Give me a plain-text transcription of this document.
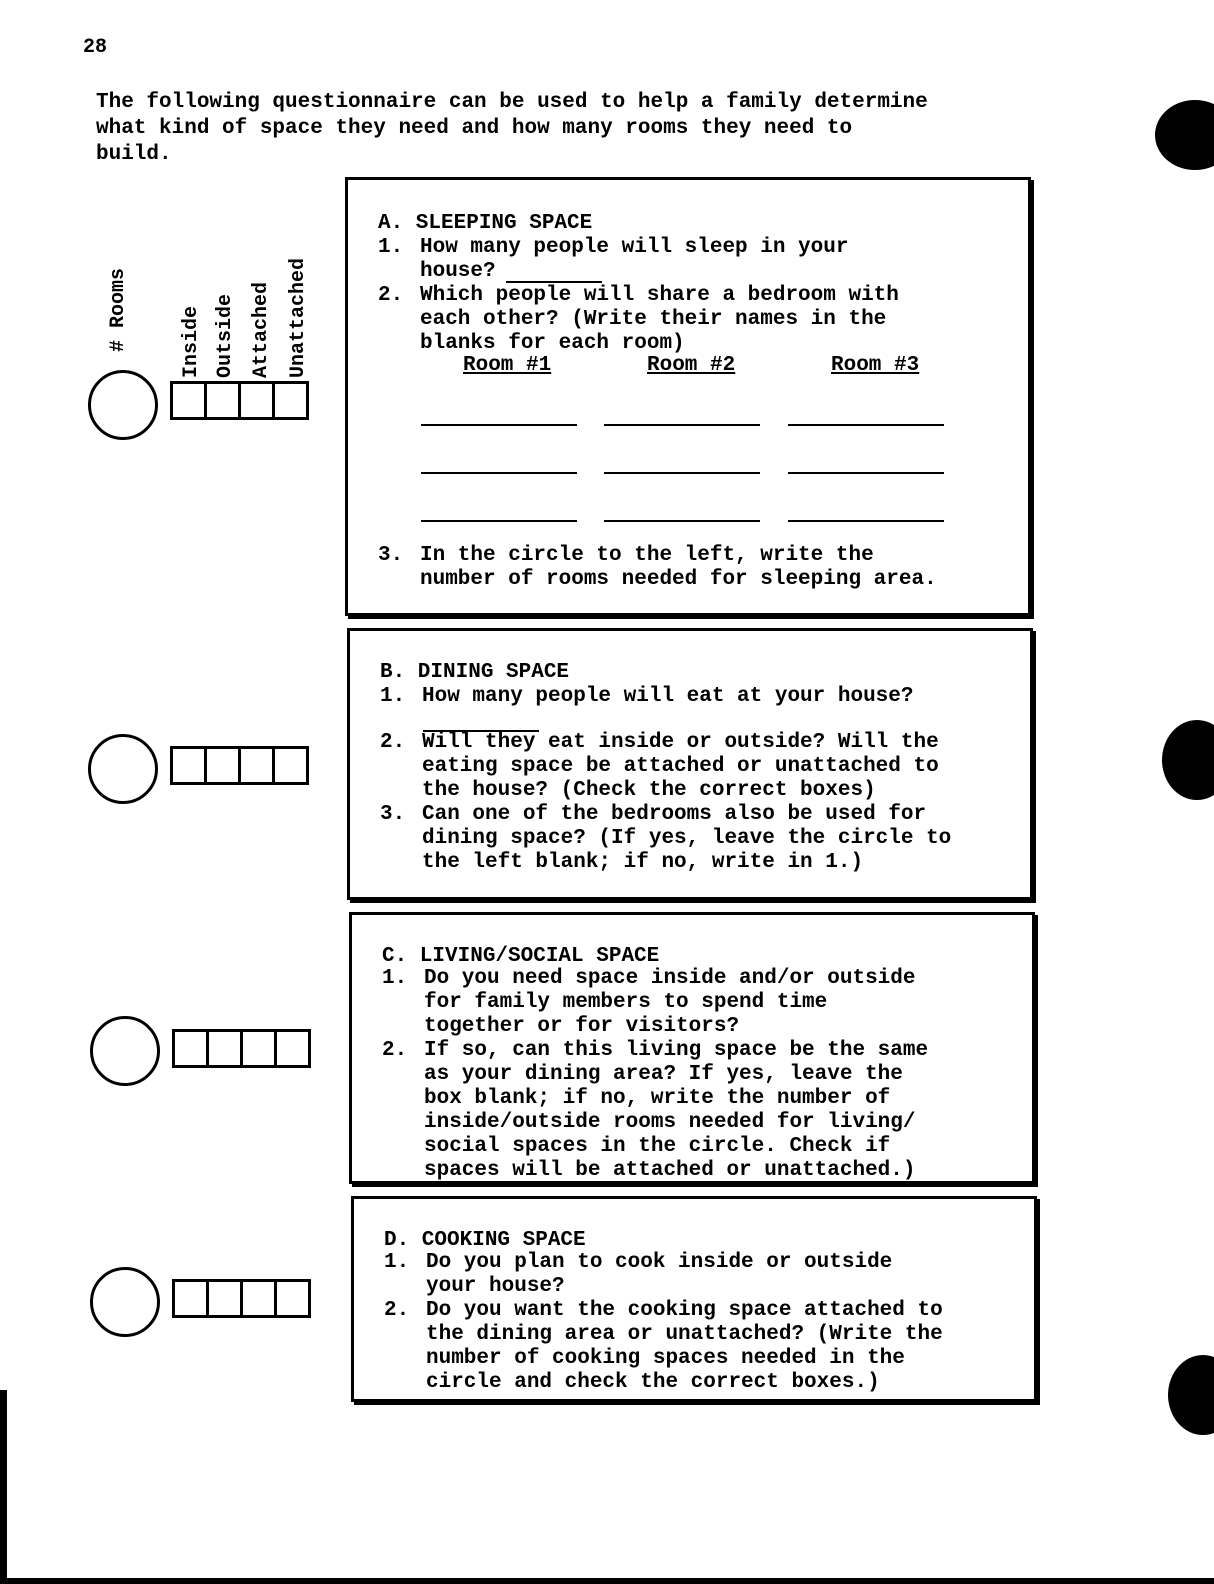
28
The following questionnaire can be used to help a family determine
what kind of space they need and how many rooms they need to
build.
# Rooms	Inside Outside Attached Unattached
A. SLEEPING SPACE
1. How many people will sleep in your
house?
2. Which people will share a bedroom with
each other? (Write their names in the
blanks for each room)
Room #1	Room #2	Room #3
3. In the circle to the left, write the
number of rooms needed for sleeping area.
B. DINING SPACE
1. How many people will eat at your house?
2. Will they eat inside or outside? Will the
eating space be attached or unattached to
the house? (Check the correct boxes)
3. Can one of the bedrooms also be used for
dining space? (If yes, leave the circle to
the left blank; if no, write in 1.)
C. LIVING/SOCIAL SPACE
1. Do you need space inside and/or outside
for family members to spend time
together or for visitors?
2. If so, can this living space be the same
as your dining area? If yes, leave the
box blank; if no, write the number of
inside/outside rooms needed for living/
social spaces in the circle. Check if
spaces will be attached or unattached.)
D. COOKING SPACE
1. Do you plan to cook inside or outside
your house?
2. Do you want the cooking space attached to
the dining area or unattached? (Write the
number of cooking spaces needed in the
circle and check the correct boxes.)
